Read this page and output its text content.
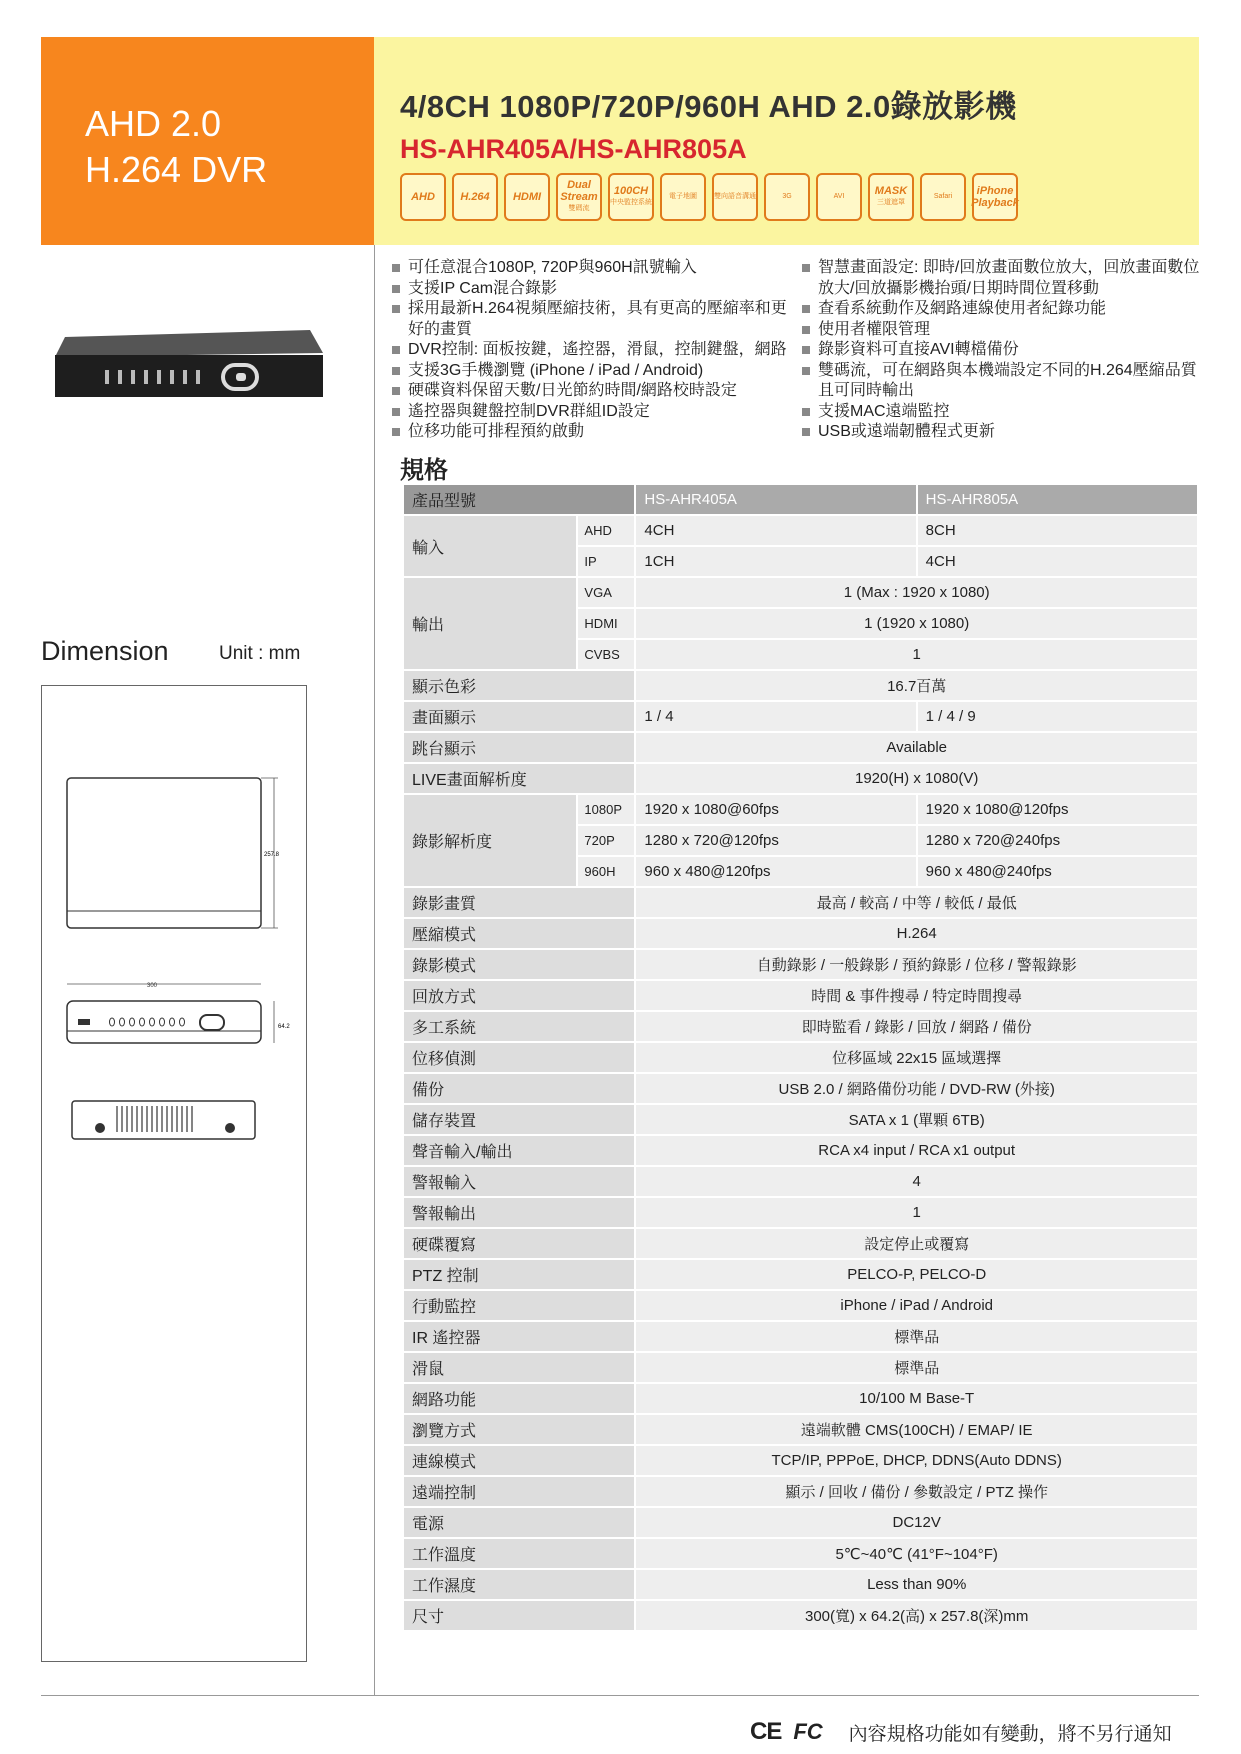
AHD 2.0
H.264 DVR
4/8CH 1080P/720P/960H AHD 2.0錄放影機
HS-AHR405A/HS-AHR805A
AHD H.264 HDMI
Dual Stream
雙碼流
100CH
中央監控系統
電子地圖 雙向語音溝通	3G	AVI	MASK
三道遮罩
Safari	iPhone Playback
可任意混合1080P, 720P與960H訊號輸入
支援IP Cam混合錄影
採用最新H.264視頻壓縮技術，具有更高的壓縮率和更好的畫質
DVR控制: 面板按鍵，遙控器，滑鼠，控制鍵盤，網路
支援3G手機瀏覽 (iPhone / iPad / Android)
硬碟資料保留天數/日光節約時間/網路校時設定
遙控器與鍵盤控制DVR群組ID設定
位移功能可排程預約啟動
智慧畫面設定: 即時/回放畫面數位放大，回放畫面數位放大/回放攝影機抬頭/日期時間位置移動
查看系統動作及網路連線使用者紀錄功能
使用者權限管理
錄影資料可直接AVI轉檔備份
雙碼流，可在網路與本機端設定不同的H.264壓縮品質且可同時輸出
支援MAC遠端監控
USB或遠端韌體程式更新
規格
Dimension	Unit : mm
257.8
300
64.2
產品型號		HS-AHR405A	HS-AHR805A
輸入	AHD	4CH	8CH
	IP	1CH	4CH
輸出	VGA	1 (Max : 1920 x 1080)	
	HDMI	1 (1920 x 1080)	
	CVBS	1	
顯示色彩		16.7百萬	
畫面顯示		1 / 4	1 / 4 / 9
跳台顯示		Available	
LIVE畫面解析度		1920(H) x 1080(V)	
錄影解析度	1080P	1920 x 1080@60fps	1920 x 1080@120fps
	720P	1280 x 720@120fps	1280 x 720@240fps
	960H	960 x 480@120fps	960 x 480@240fps
錄影畫質		最高 / 較高 / 中等 / 較低 / 最低	
壓縮模式		H.264	
錄影模式		自動錄影 / 一般錄影 / 預約錄影 / 位移 / 警報錄影	
回放方式		時間 & 事件搜尋 / 特定時間搜尋	
多工系統		即時監看 / 錄影 / 回放 / 網路 / 備份	
位移偵測		位移區域 22x15 區域選擇	
備份		USB 2.0 / 網路備份功能 / DVD-RW (外接)	
儲存裝置		SATA x 1 (單顆 6TB)	
聲音輸入/輸出		RCA x4 input / RCA x1 output	
警報輸入		4	
警報輸出		1	
硬碟覆寫		設定停止或覆寫	
PTZ 控制		PELCO-P, PELCO-D	
行動監控		iPhone / iPad / Android	
IR 遙控器		標準品	
滑鼠		標準品	
網路功能		10/100 M Base-T	
瀏覽方式		遠端軟體 CMS(100CH) / EMAP/ IE	
連線模式		TCP/IP, PPPoE, DHCP, DDNS(Auto DDNS)	
遠端控制		顯示 / 回收 / 備份 / 參數設定 / PTZ 操作	
電源		DC12V	
工作溫度		5℃~40℃ (41°F~104°F)	
工作濕度		Less than 90%	
尺寸		300(寬) x 64.2(高) x 257.8(深)mm	
CE FC 內容規格功能如有變動，將不另行通知
